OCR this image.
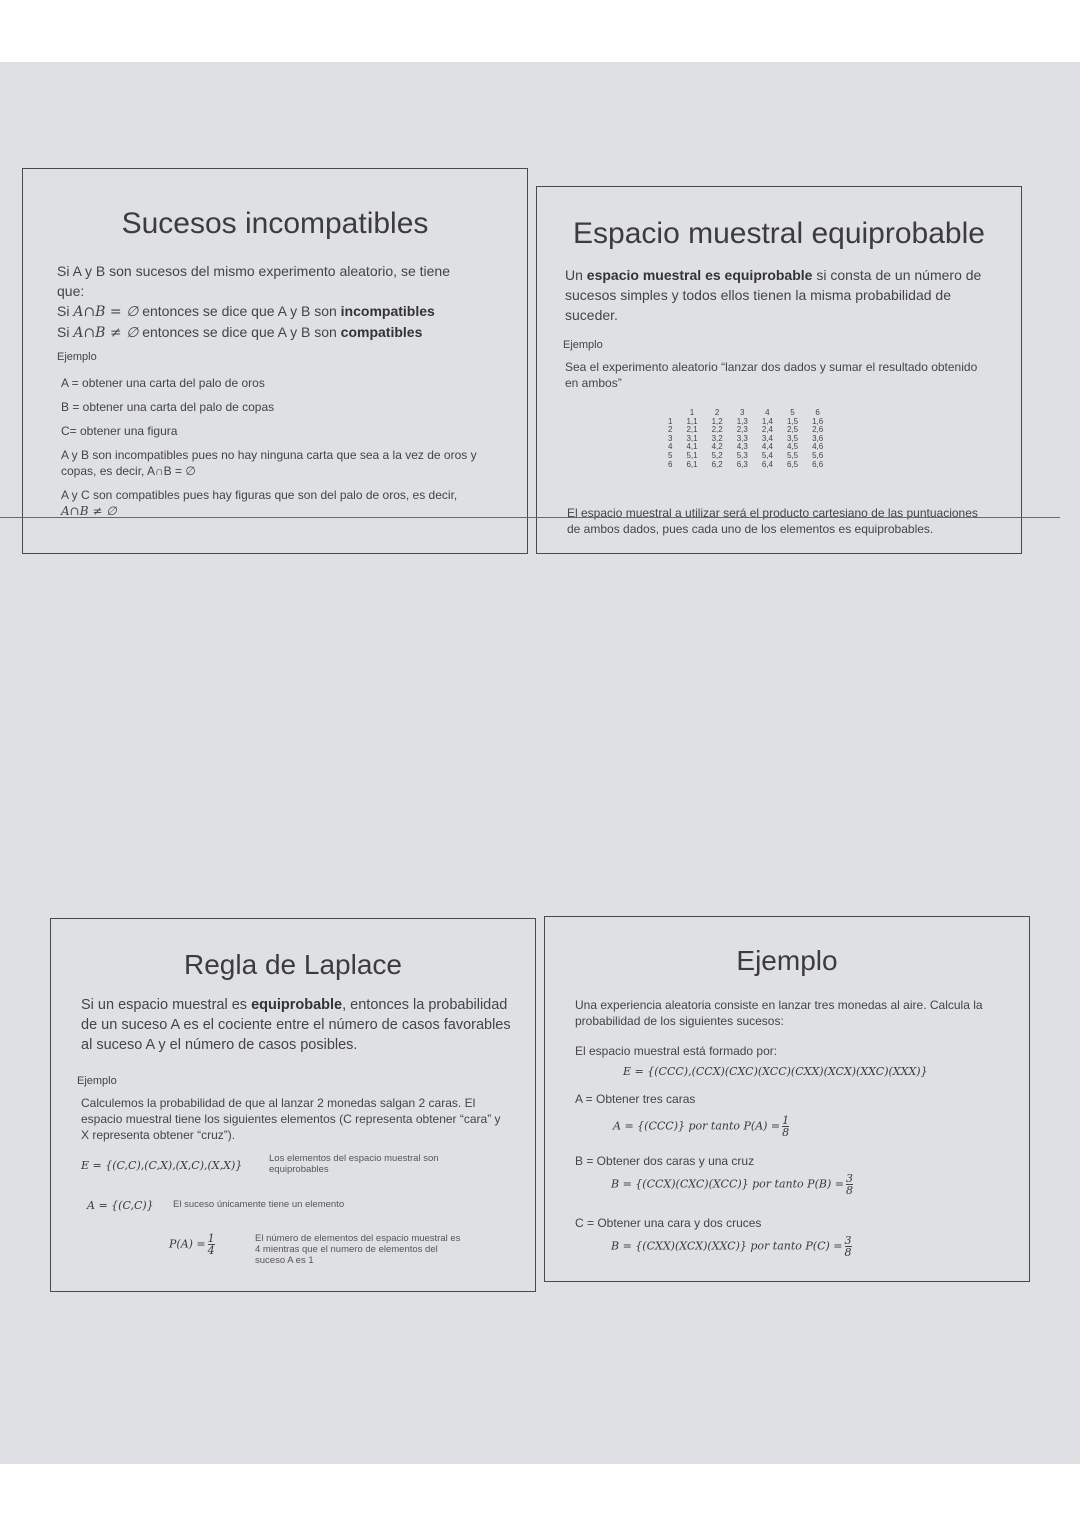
Sucesos incompatibles

Si A y B son sucesos del mismo experimento aleatorio, se tiene

que:

Si A∩B = ∅ entonces se dice que A y B son incompatibles

Si A∩B ≠ ∅ entonces se dice que A y B son compatibles

Ejemplo

A = obtener una carta del palo de oros

B = obtener una carta del palo de copas

C= obtener una figura

A y B son incompatibles pues no hay ninguna carta que sea a la vez de oros y

copas, es decir, A∩B = ∅

A y C son compatibles pues hay figuras que son del palo de oros, es decir,

A∩B ≠ ∅

Espacio muestral equiprobable

Un espacio muestral es equiprobable si consta de un número de

sucesos simples y todos ellos tienen la misma probabilidad de

suceder.

Ejemplo

Sea el experimento aleatorio “lanzar dos dados y sumar el resultado obtenido

en ambos”

	1	2	3	4	5	6
1	1,1	1,2	1,3	1,4	1,5	1,6
2	2,1	2,2	2,3	2,4	2,5	2,6
3	3,1	3,2	3,3	3,4	3,5	3,6
4	4,1	4,2	4,3	4,4	4,5	4,6
5	5,1	5,2	5,3	5,4	5,5	5,6
6	6,1	6,2	6,3	6,4	6,5	6,6

El espacio muestral a utilizar será el producto cartesiano de las puntuaciones

de ambos dados, pues cada uno de los elementos es equiprobables.

Regla de Laplace

Si un espacio muestral es equiprobable, entonces la probabilidad

de un suceso A es el cociente entre el número de casos favorables

al suceso A y el número de casos posibles.

Ejemplo

Calculemos la probabilidad de que al lanzar 2 monedas salgan 2 caras. El

espacio muestral tiene los siguientes elementos (C representa obtener “cara” y

X representa obtener “cruz”).

E = {(C,C),(C,X),(X,C),(X,X)}
Los elementos del espacio muestral son
equiprobables
A = {(C,C)} El suceso únicamente tiene un elemento
$P(A) = \frac{1}{4}$	El número de elementos del espacio muestral es
4 mientras que el numero de elementos del
suceso A es 1
Ejemplo

Una experiencia aleatoria consiste en lanzar tres monedas al aire. Calcula la

probabilidad de los siguientes sucesos:

El espacio muestral está formado por:

E = {(CCC),(CCX)(CXC)(XCC)(CXX)(XCX)(XXC)(XXX)}

A = Obtener tres caras

A = {(CCC)} por tanto $P(A) = \frac{1}{8}$

B = Obtener dos caras y una cruz

B = {(CCX)(CXC)(XCC)} por tanto $P(B) = \frac{3}{8}$

C = Obtener una cara y dos cruces

B = {(CXX)(XCX)(XXC)} por tanto $P(C) = \frac{3}{8}$
